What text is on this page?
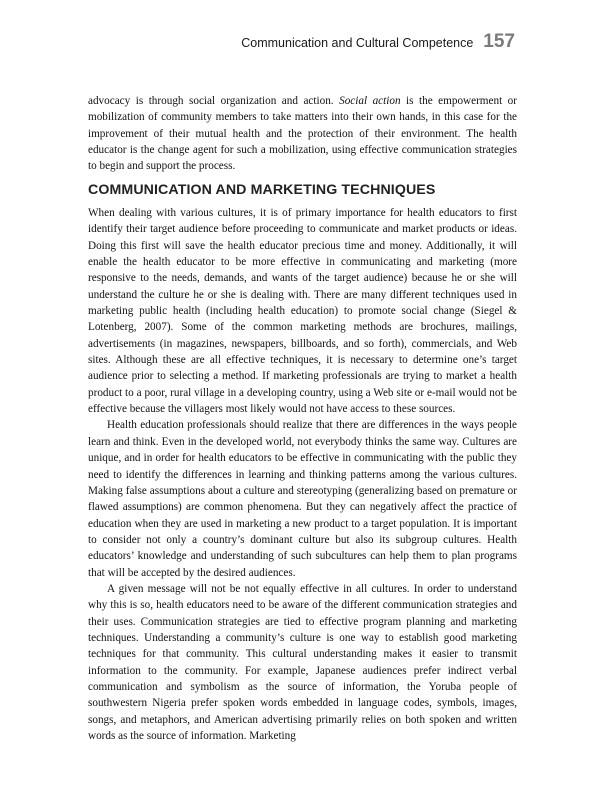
Communication and Cultural Competence 157

advocacy is through social organization and action. Social action is the empowerment or mobilization of community members to take matters into their own hands, in this case for the improvement of their mutual health and the protection of their environment. The health educator is the change agent for such a mobilization, using effective communication strategies to begin and support the process.

COMMUNICATION AND MARKETING TECHNIQUES

When dealing with various cultures, it is of primary importance for health educators to first identify their target audience before proceeding to communicate and market products or ideas. Doing this first will save the health educator precious time and money. Additionally, it will enable the health educator to be more effective in communicating and marketing (more responsive to the needs, demands, and wants of the target audience) because he or she will understand the culture he or she is dealing with. There are many different techniques used in marketing public health (including health education) to promote social change (Siegel & Lotenberg, 2007). Some of the common marketing methods are brochures, mailings, advertisements (in magazines, newspapers, billboards, and so forth), commercials, and Web sites. Although these are all effective techniques, it is necessary to determine one’s target audience prior to selecting a method. If marketing professionals are trying to market a health product to a poor, rural village in a developing country, using a Web site or e-mail would not be effective because the villagers most likely would not have access to these sources.

Health education professionals should realize that there are differences in the ways people learn and think. Even in the developed world, not everybody thinks the same way. Cultures are unique, and in order for health educators to be effective in communicating with the public they need to identify the differences in learning and thinking patterns among the various cultures. Making false assumptions about a culture and stereotyping (generalizing based on premature or flawed assumptions) are common phenomena. But they can negatively affect the practice of education when they are used in marketing a new product to a target population. It is important to consider not only a country’s dominant culture but also its subgroup cultures. Health educators’ knowledge and understanding of such subcultures can help them to plan programs that will be accepted by the desired audiences.

A given message will not be not equally effective in all cultures. In order to understand why this is so, health educators need to be aware of the different communication strategies and their uses. Communication strategies are tied to effective program planning and marketing techniques. Understanding a community’s culture is one way to establish good marketing techniques for that community. This cultural understanding makes it easier to transmit information to the community. For example, Japanese audiences prefer indirect verbal communication and symbolism as the source of information, the Yoruba people of southwestern Nigeria prefer spoken words embedded in language codes, symbols, images, songs, and metaphors, and American advertising primarily relies on both spoken and written words as the source of information. Marketing
